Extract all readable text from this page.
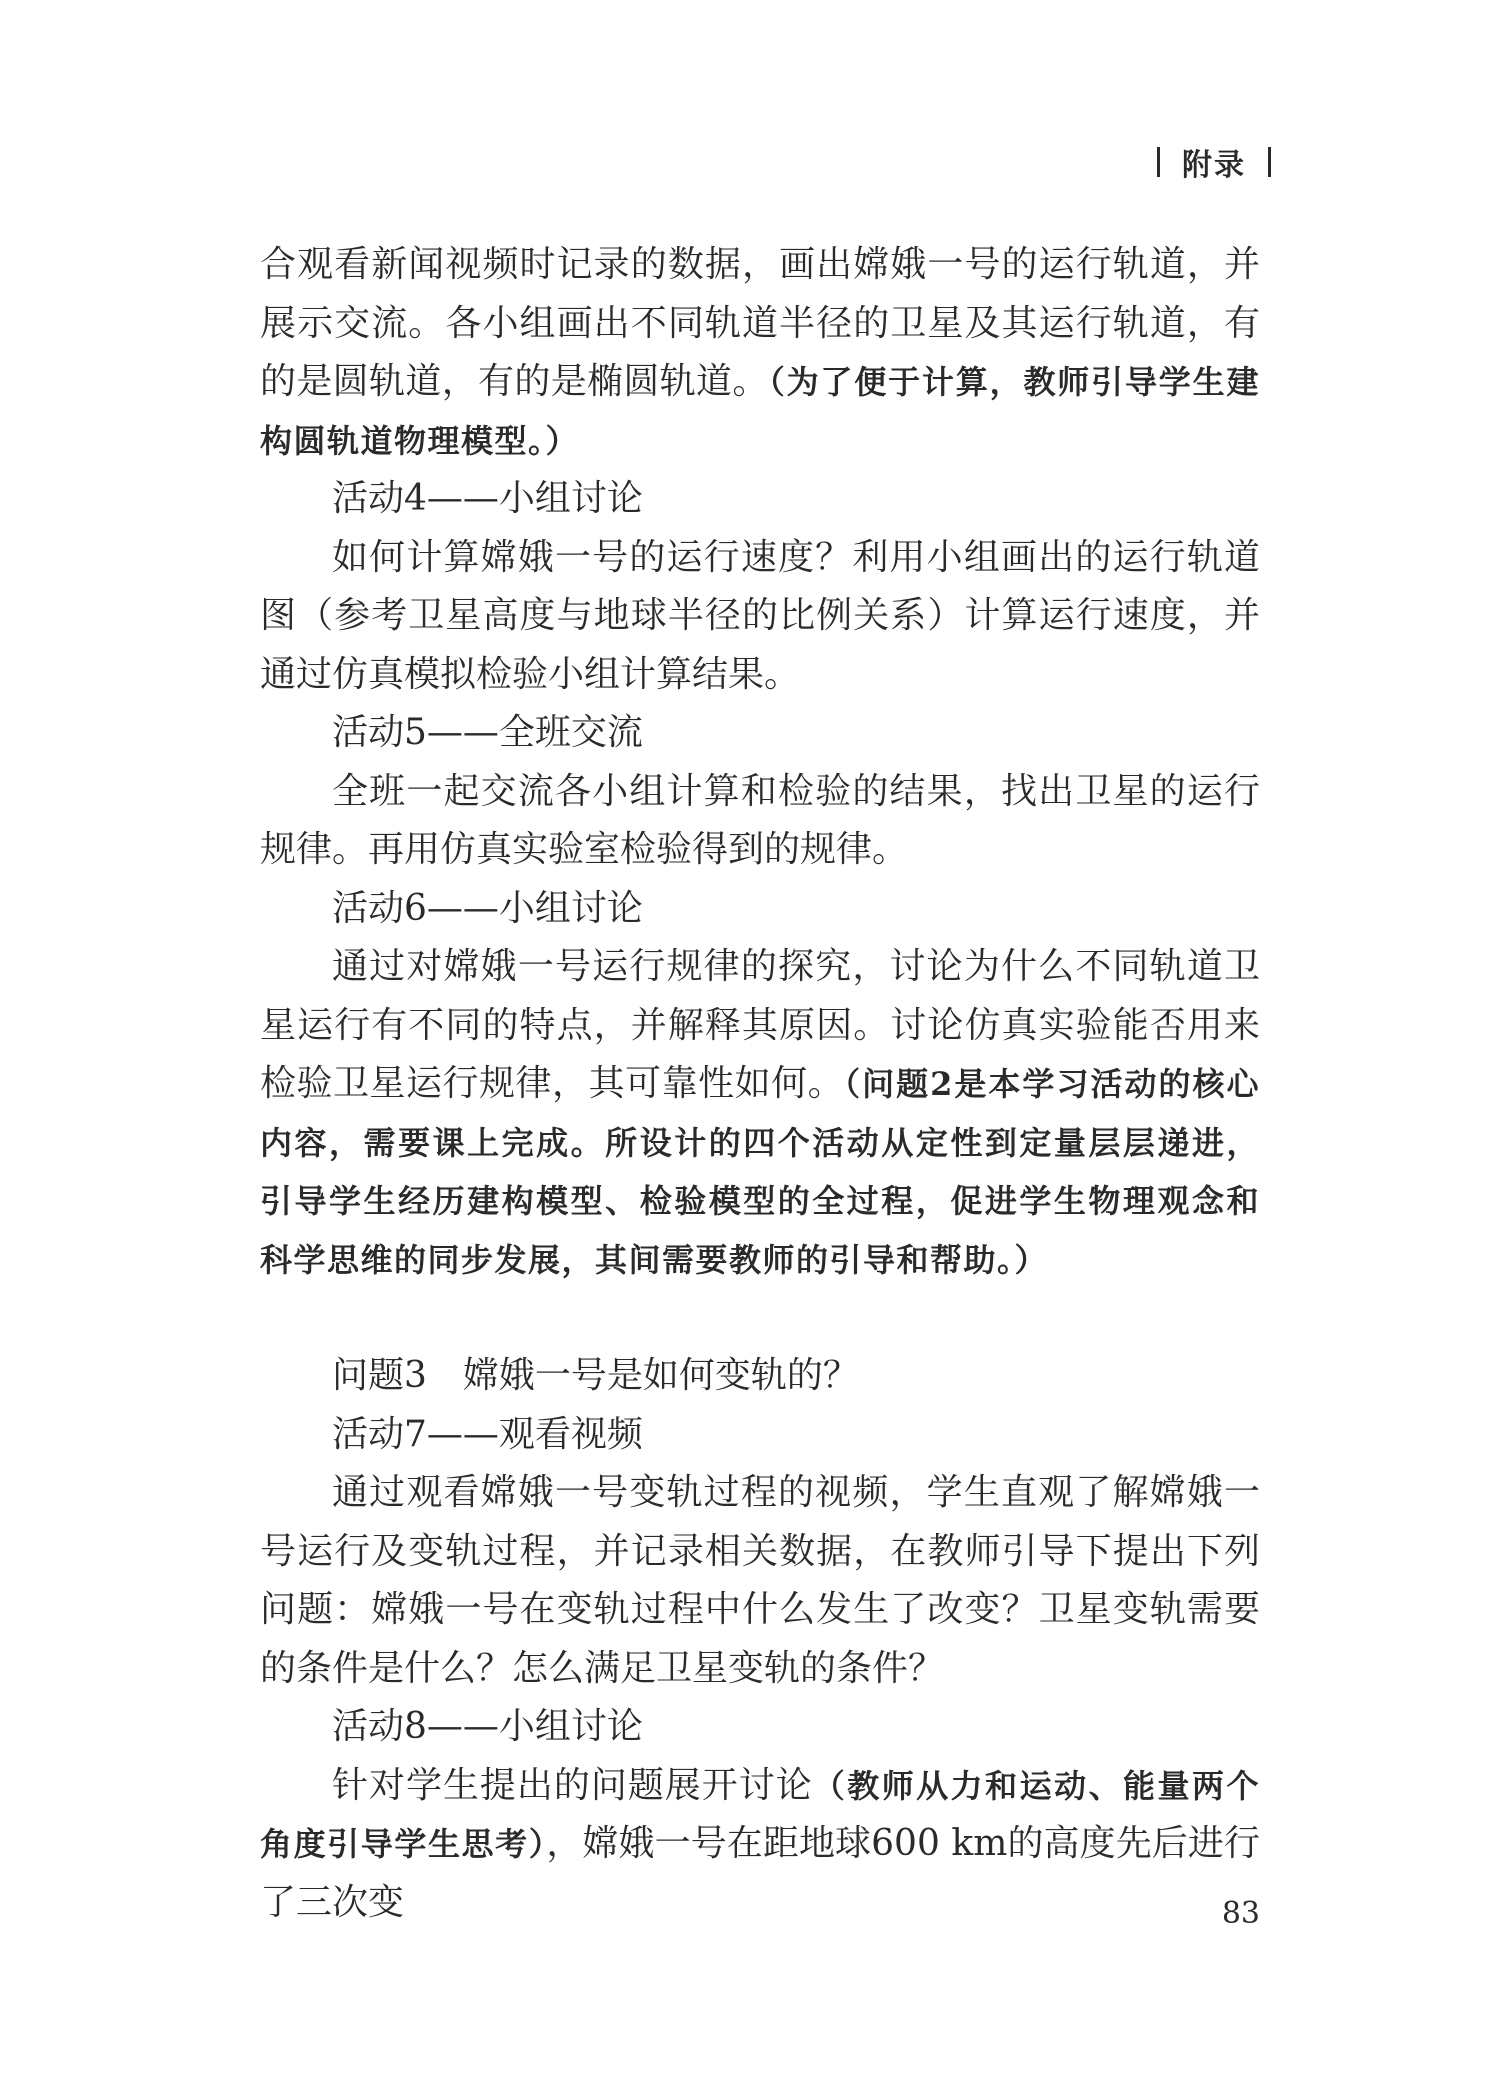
附录

合观看新闻视频时记录的数据，画出嫦娥一号的运行轨道，并展示交流。各小组画出不同轨道半径的卫星及其运行轨道，有的是圆轨道，有的是椭圆轨道。（为了便于计算，教师引导学生建构圆轨道物理模型。）

活动4——小组讨论

如何计算嫦娥一号的运行速度？利用小组画出的运行轨道图（参考卫星高度与地球半径的比例关系）计算运行速度，并通过仿真模拟检验小组计算结果。

活动5——全班交流

全班一起交流各小组计算和检验的结果，找出卫星的运行规律。再用仿真实验室检验得到的规律。

活动6——小组讨论

通过对嫦娥一号运行规律的探究，讨论为什么不同轨道卫星运行有不同的特点，并解释其原因。讨论仿真实验能否用来检验卫星运行规律，其可靠性如何。（问题2是本学习活动的核心内容，需要课上完成。所设计的四个活动从定性到定量层层递进，引导学生经历建构模型、检验模型的全过程，促进学生物理观念和科学思维的同步发展，其间需要教师的引导和帮助。）

问题3　嫦娥一号是如何变轨的？

活动7——观看视频

通过观看嫦娥一号变轨过程的视频，学生直观了解嫦娥一号运行及变轨过程，并记录相关数据，在教师引导下提出下列问题：嫦娥一号在变轨过程中什么发生了改变？卫星变轨需要的条件是什么？怎么满足卫星变轨的条件？

活动8——小组讨论

针对学生提出的问题展开讨论（教师从力和运动、能量两个角度引导学生思考），嫦娥一号在距地球600 km的高度先后进行了三次变	83
